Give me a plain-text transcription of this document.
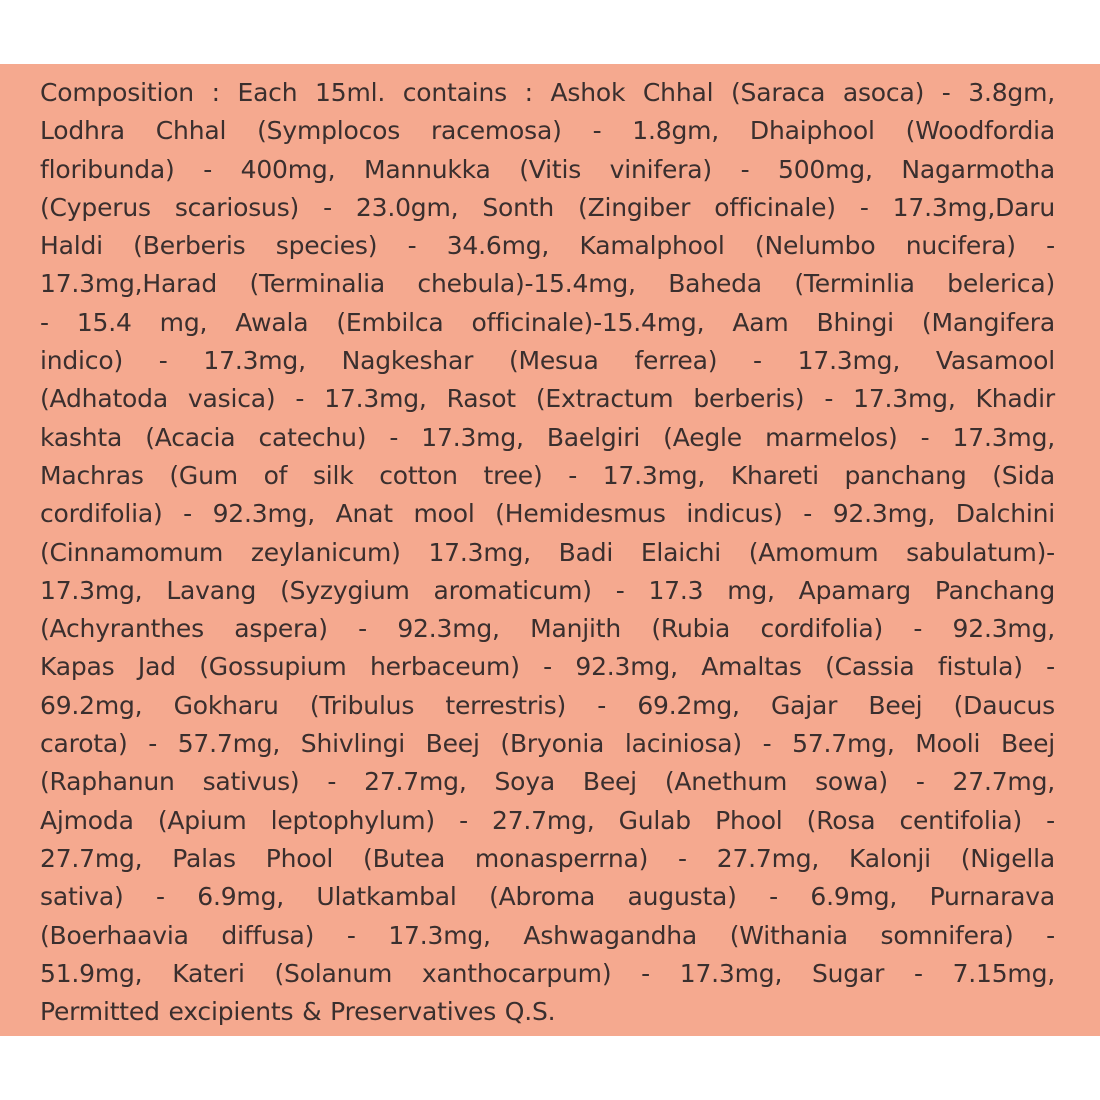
Composition : Each 15ml. contains : Ashok Chhal (Saraca asoca) - 3.8gm,
Lodhra Chhal (Symplocos racemosa) - 1.8gm, Dhaiphool (Woodfordia
floribunda) - 400mg, Mannukka (Vitis vinifera) - 500mg, Nagarmotha
(Cyperus scariosus) - 23.0gm, Sonth (Zingiber officinale) - 17.3mg,Daru
Haldi (Berberis species) - 34.6mg, Kamalphool (Nelumbo nucifera) -
17.3mg,Harad (Terminalia chebula)-15.4mg, Baheda (Terminlia belerica)
- 15.4 mg, Awala (Embilca officinale)-15.4mg, Aam Bhingi (Mangifera
indico) - 17.3mg, Nagkeshar (Mesua ferrea) - 17.3mg, Vasamool
(Adhatoda vasica) - 17.3mg, Rasot (Extractum berberis) - 17.3mg, Khadir
kashta (Acacia catechu) - 17.3mg, Baelgiri (Aegle marmelos) - 17.3mg,
Machras (Gum of silk cotton tree) - 17.3mg, Khareti panchang (Sida
cordifolia) - 92.3mg, Anat mool (Hemidesmus indicus) - 92.3mg, Dalchini
(Cinnamomum zeylanicum) 17.3mg, Badi Elaichi (Amomum sabulatum)-
17.3mg, Lavang (Syzygium aromaticum) - 17.3 mg, Apamarg Panchang
(Achyranthes aspera) - 92.3mg, Manjith (Rubia cordifolia) - 92.3mg,
Kapas Jad (Gossupium herbaceum) - 92.3mg, Amaltas (Cassia fistula) -
69.2mg, Gokharu (Tribulus terrestris) - 69.2mg, Gajar Beej (Daucus
carota) - 57.7mg, Shivlingi Beej (Bryonia laciniosa) - 57.7mg, Mooli Beej
(Raphanun sativus) - 27.7mg, Soya Beej (Anethum sowa) - 27.7mg,
Ajmoda (Apium leptophylum) - 27.7mg, Gulab Phool (Rosa centifolia) -
27.7mg, Palas Phool (Butea monasperrna) - 27.7mg, Kalonji (Nigella
sativa) - 6.9mg, Ulatkambal (Abroma augusta) - 6.9mg, Purnarava
(Boerhaavia diffusa) - 17.3mg, Ashwagandha (Withania somnifera) -
51.9mg, Kateri (Solanum xanthocarpum) - 17.3mg, Sugar - 7.15mg,
Permitted excipients & Preservatives Q.S.
